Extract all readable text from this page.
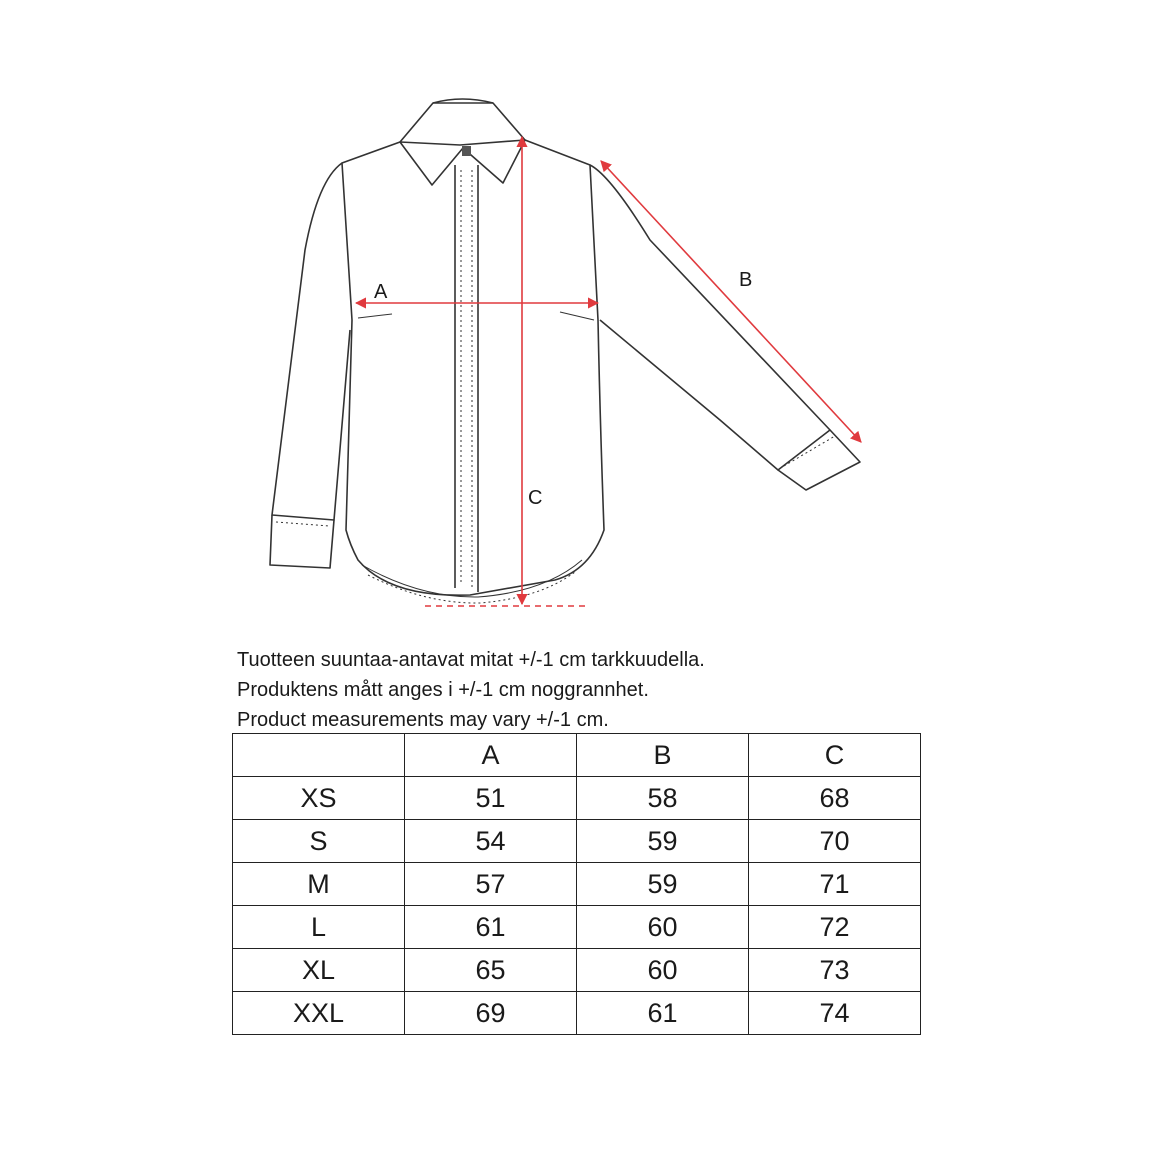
A
B
C
Tuotteen suuntaa-antavat mitat +/-1 cm tarkkuudella.
Produktens mått anges i +/-1 cm noggrannhet.
Product measurements may vary +/-1 cm.
	A	B	C
XS	51	58	68
S	54	59	70
M	57	59	71
L	61	60	72
XL	65	60	73
XXL	69	61	74
